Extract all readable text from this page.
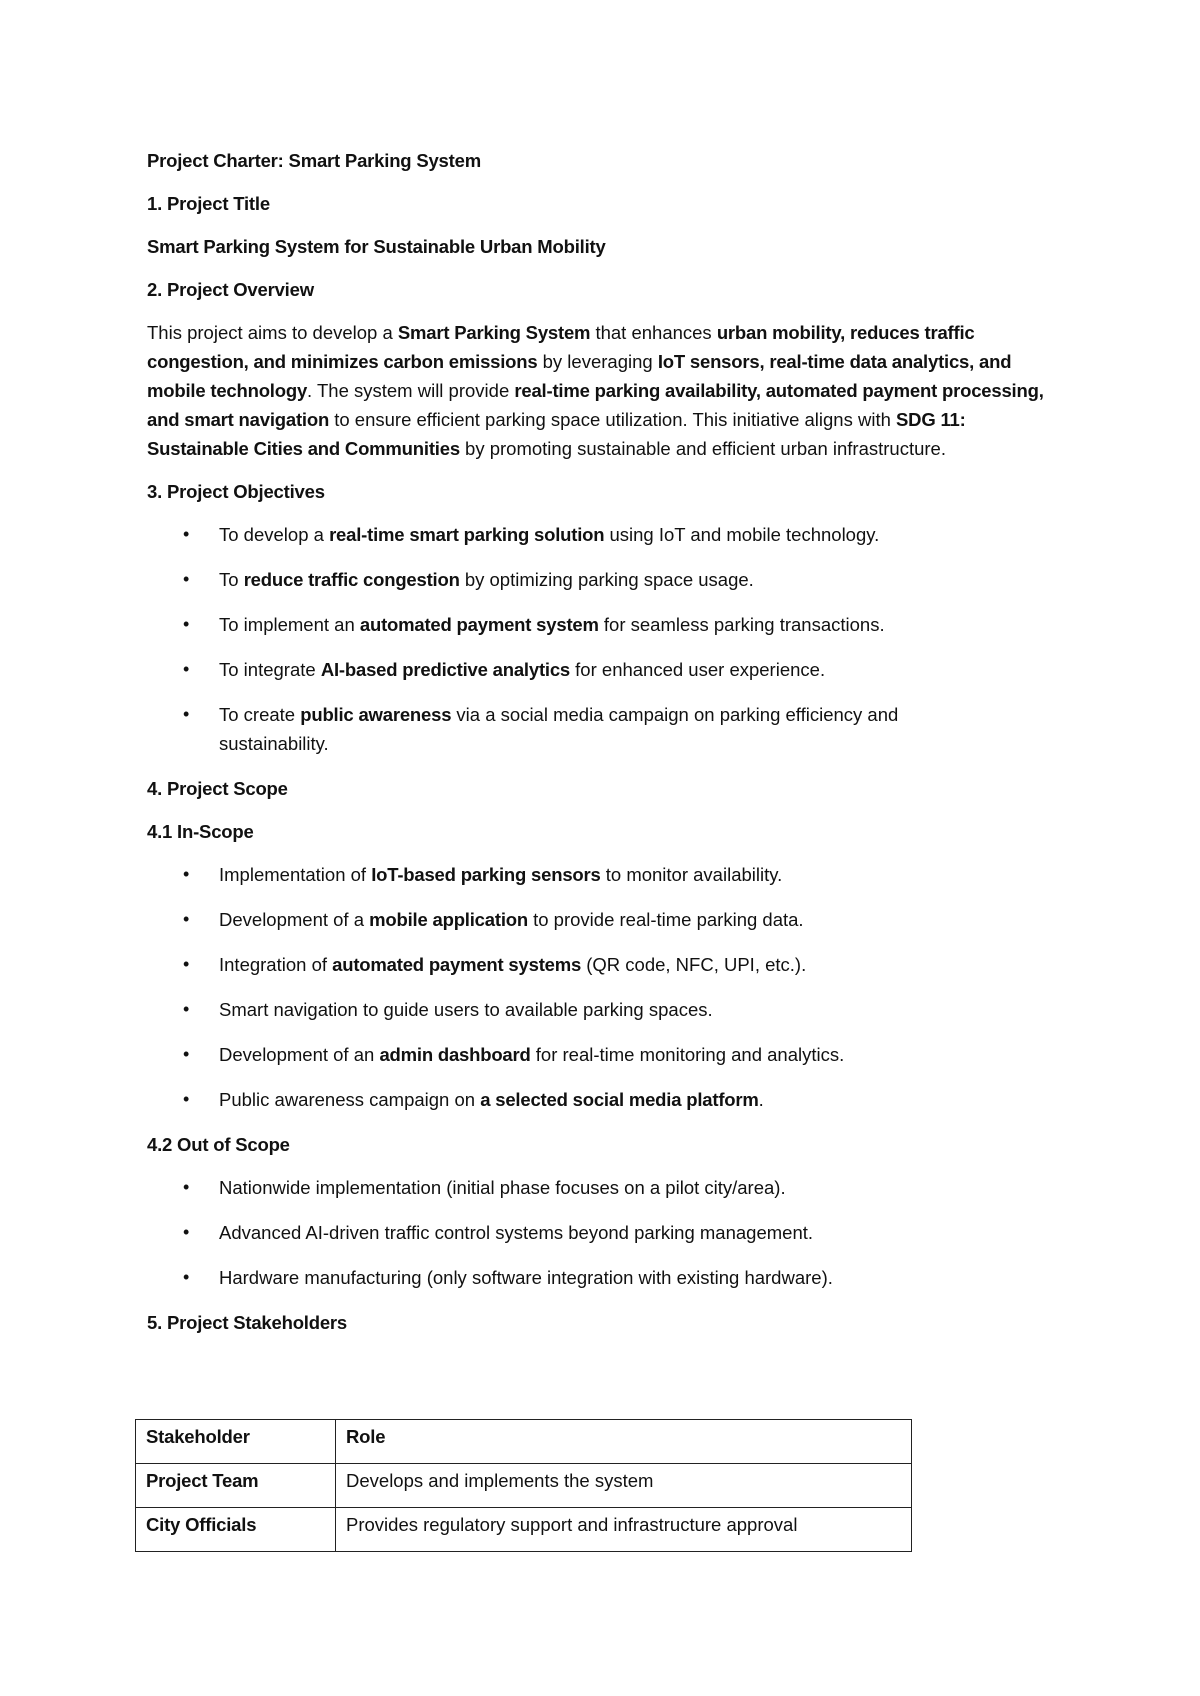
Project Charter: Smart Parking System

1. Project Title

Smart Parking System for Sustainable Urban Mobility

2. Project Overview

This project aims to develop a Smart Parking System that enhances urban mobility, reduces traffic congestion, and minimizes carbon emissions by leveraging IoT sensors, real-time data analytics, and mobile technology. The system will provide real-time parking availability, automated payment processing, and smart navigation to ensure efficient parking space utilization. This initiative aligns with SDG 11: Sustainable Cities and Communities by promoting sustainable and efficient urban infrastructure.

3. Project Objectives

• To develop a real-time smart parking solution using IoT and mobile technology.
• To reduce traffic congestion by optimizing parking space usage.
• To implement an automated payment system for seamless parking transactions.
• To integrate AI-based predictive analytics for enhanced user experience.
• To create public awareness via a social media campaign on parking efficiency and sustainability.

4. Project Scope

4.1 In-Scope

• Implementation of IoT-based parking sensors to monitor availability.
• Development of a mobile application to provide real-time parking data.
• Integration of automated payment systems (QR code, NFC, UPI, etc.).
• Smart navigation to guide users to available parking spaces.
• Development of an admin dashboard for real-time monitoring and analytics.
• Public awareness campaign on a selected social media platform.

4.2 Out of Scope

• Nationwide implementation (initial phase focuses on a pilot city/area).
• Advanced AI-driven traffic control systems beyond parking management.
• Hardware manufacturing (only software integration with existing hardware).

5. Project Stakeholders

Stakeholder	Role
Project Team	Develops and implements the system
City Officials	Provides regulatory support and infrastructure approval
